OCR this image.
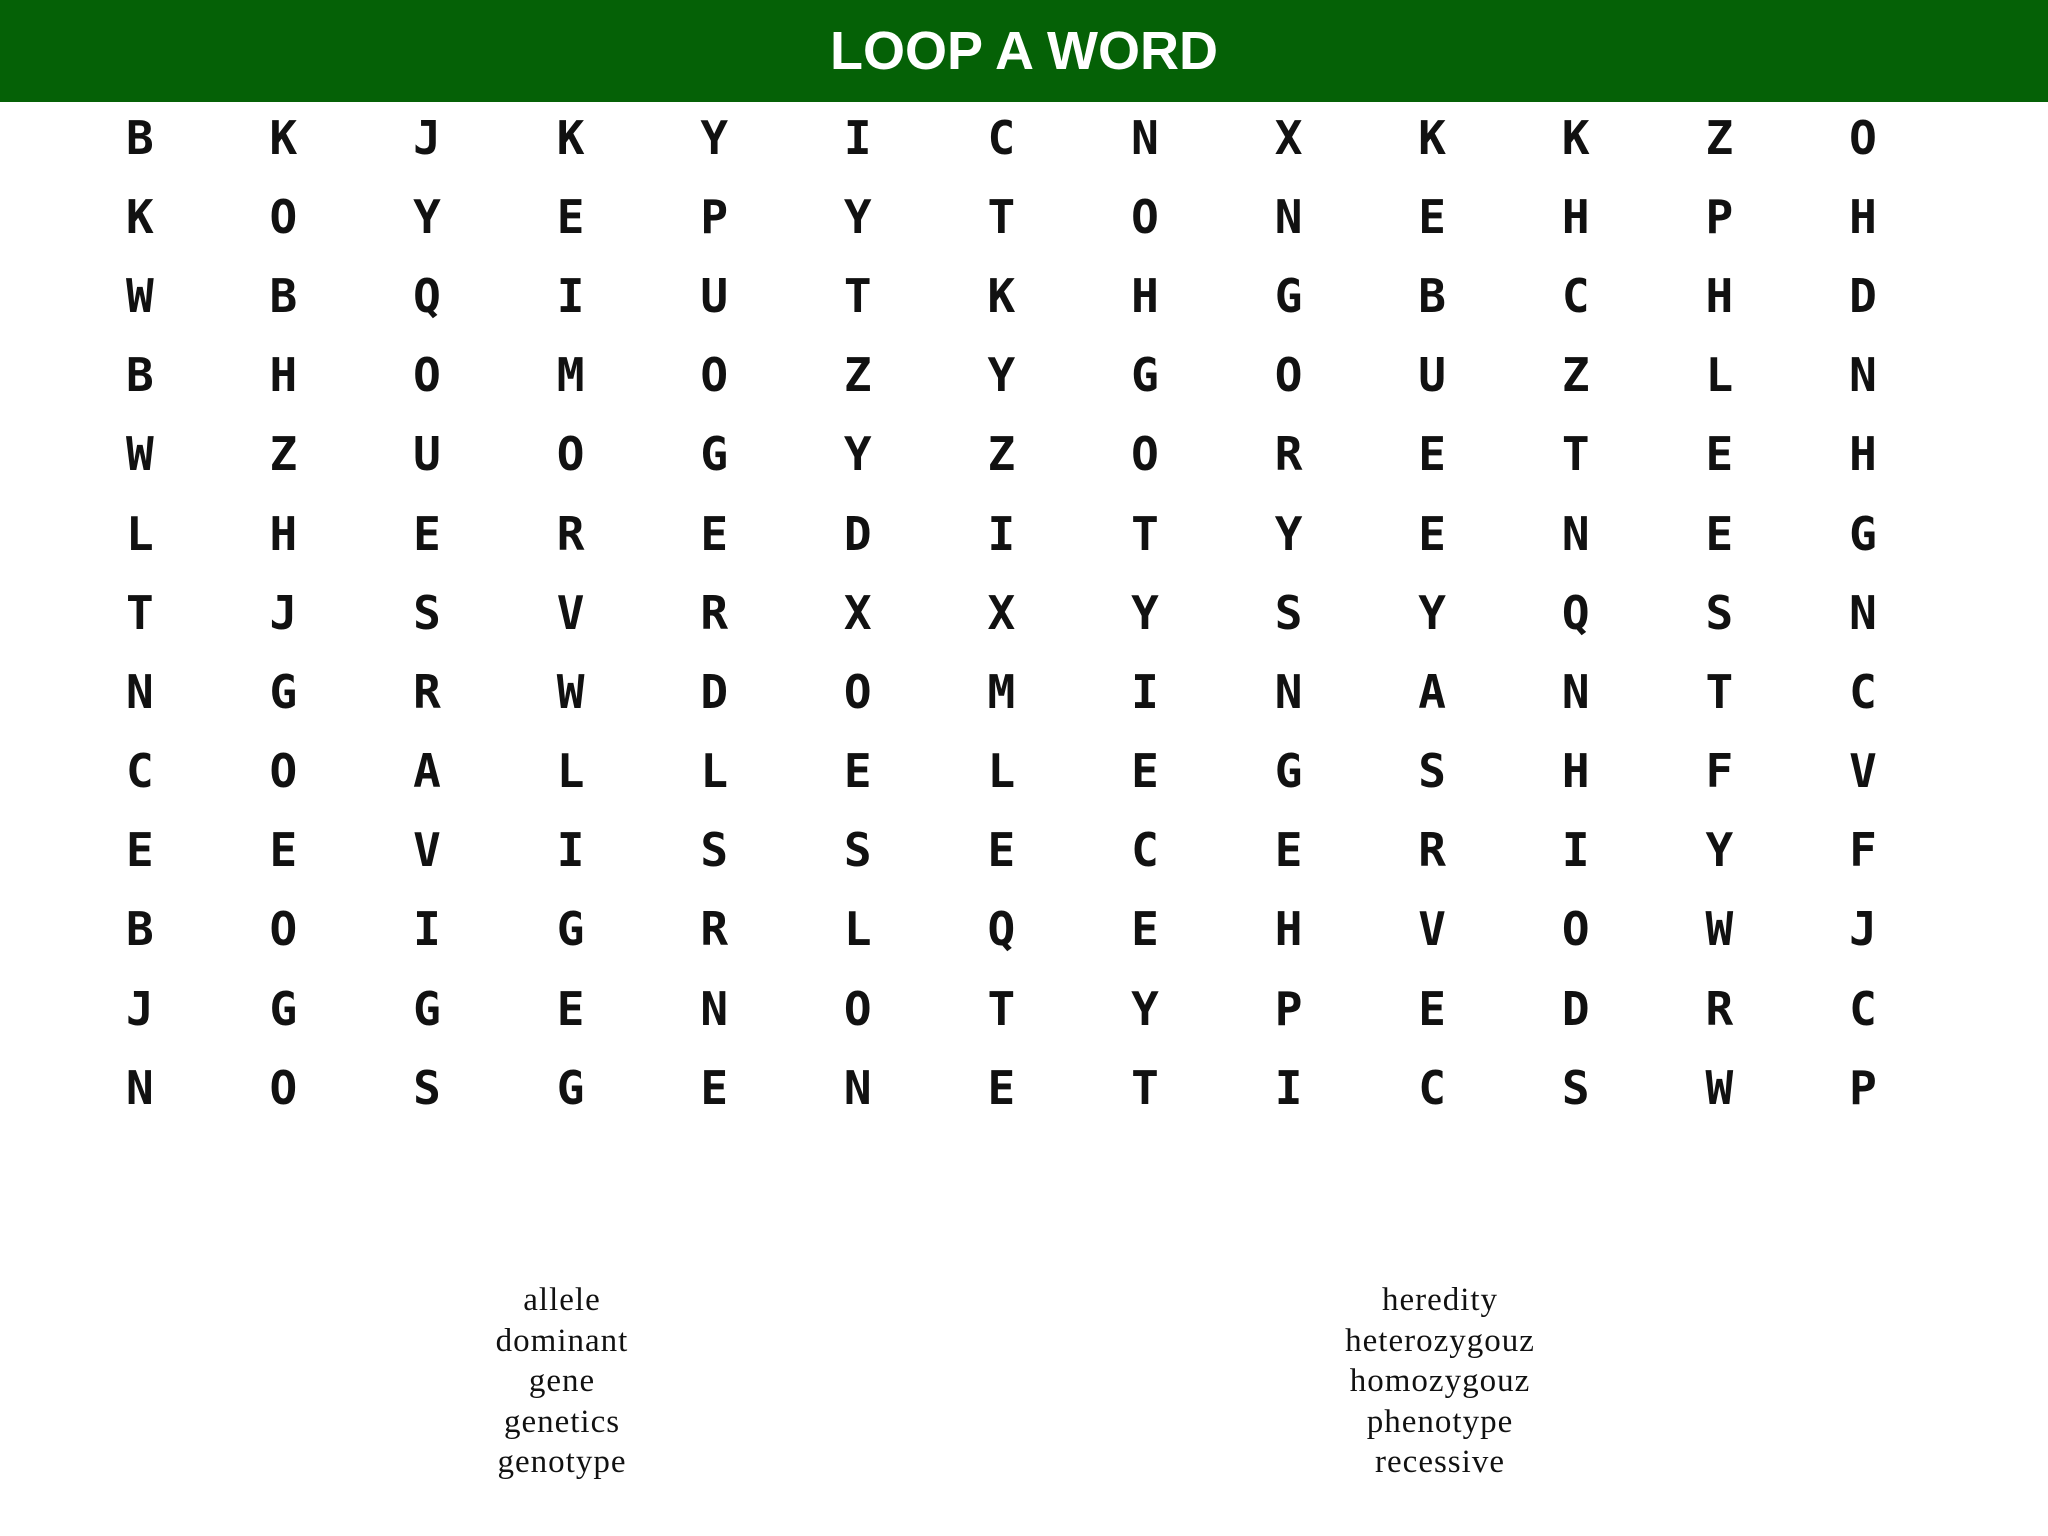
LOOP A WORD
B	K	J	K	Y	I	C	N	X	K	K	Z	O
K	O	Y	E	P	Y	T	O	N	E	H	P	H
W	B	Q	I	U	T	K	H	G	B	C	H	D
B	H	O	M	O	Z	Y	G	O	U	Z	L	N
W	Z	U	O	G	Y	Z	O	R	E	T	E	H
L	H	E	R	E	D	I	T	Y	E	N	E	G
T	J	S	V	R	X	X	Y	S	Y	Q	S	N
N	G	R	W	D	O	M	I	N	A	N	T	C
C	O	A	L	L	E	L	E	G	S	H	F	V
E	E	V	I	S	S	E	C	E	R	I	Y	F
B	O	I	G	R	L	Q	E	H	V	O	W	J
J	G	G	E	N	O	T	Y	P	E	D	R	C
N	O	S	G	E	N	E	T	I	C	S	W	P
allele
dominant
gene
genetics
genotype
heredity
heterozygouz
homozygouz
phenotype
recessive
